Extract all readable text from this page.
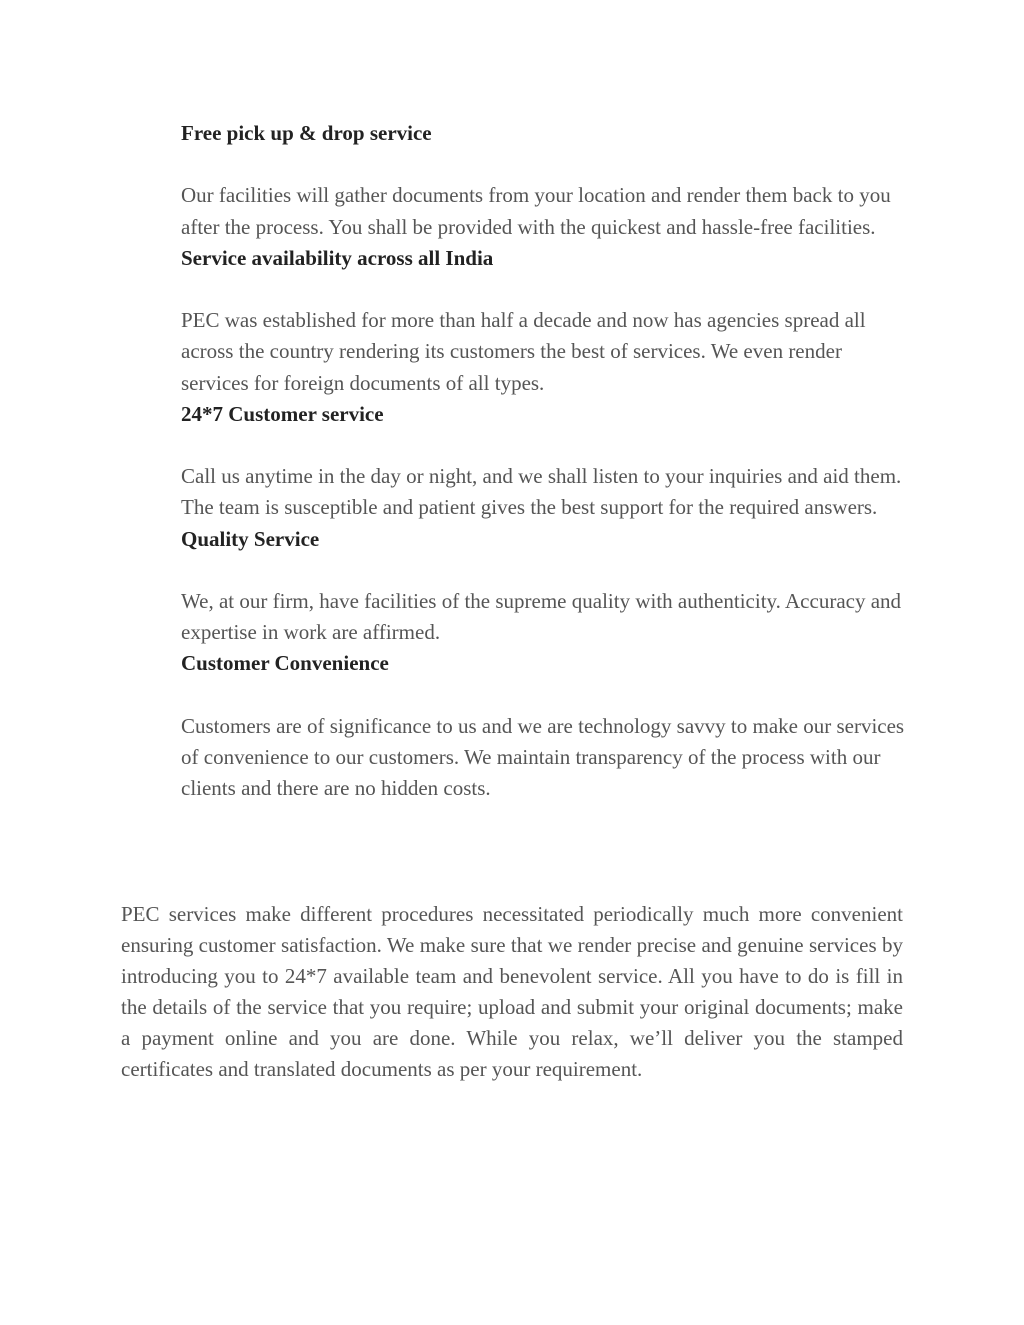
Free pick up & drop service

Our facilities will gather documents from your location and render them back to you after the process. You shall be provided with the quickest and hassle-free facilities.

Service availability across all India

PEC was established for more than half a decade and now has agencies spread all across the country rendering its customers the best of services. We even render services for foreign documents of all types.

24*7 Customer service

Call us anytime in the day or night, and we shall listen to your inquiries and aid them. The team is susceptible and patient gives the best support for the required answers.

Quality Service

We, at our firm, have facilities of the supreme quality with authenticity. Accuracy and expertise in work are affirmed.

Customer Convenience

Customers are of significance to us and we are technology savvy to make our services of convenience to our customers. We maintain transparency of the process with our clients and there are no hidden costs.

PEC services make different procedures necessitated periodically much more convenient ensuring customer satisfaction. We make sure that we render precise and genuine services by introducing you to 24*7 available team and benevolent service. All you have to do is fill in the details of the service that you require; upload and submit your original documents; make a payment online and you are done. While you relax, we’ll deliver you the stamped certificates and translated documents as per your requirement.
